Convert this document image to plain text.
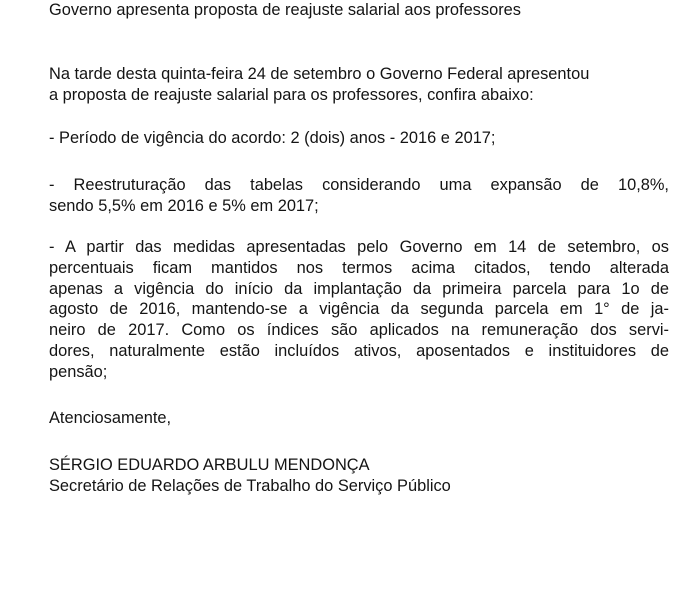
Governo apresenta proposta de reajuste salarial aos professores

Na tarde desta quinta-feira 24 de setembro o Governo Federal apresentou
a proposta de reajuste salarial para os professores, confira abaixo:

- Período de vigência do acordo: 2 (dois) anos - 2016 e 2017;

- Reestruturação das tabelas considerando uma expansão de 10,8%,
sendo 5,5% em 2016 e 5% em 2017;

- A partir das medidas apresentadas pelo Governo em 14 de setembro, os
percentuais ficam mantidos nos termos acima citados, tendo alterada
apenas a vigência do início da implantação da primeira parcela para 1o de
agosto de 2016, mantendo-se a vigência da segunda parcela em 1° de ja-
neiro de 2017. Como os índices são aplicados na remuneração dos servi-
dores, naturalmente estão incluídos ativos, aposentados e instituidores de
pensão;

Atenciosamente,

SÉRGIO EDUARDO ARBULU MENDONÇA

Secretário de Relações de Trabalho do Serviço Público
